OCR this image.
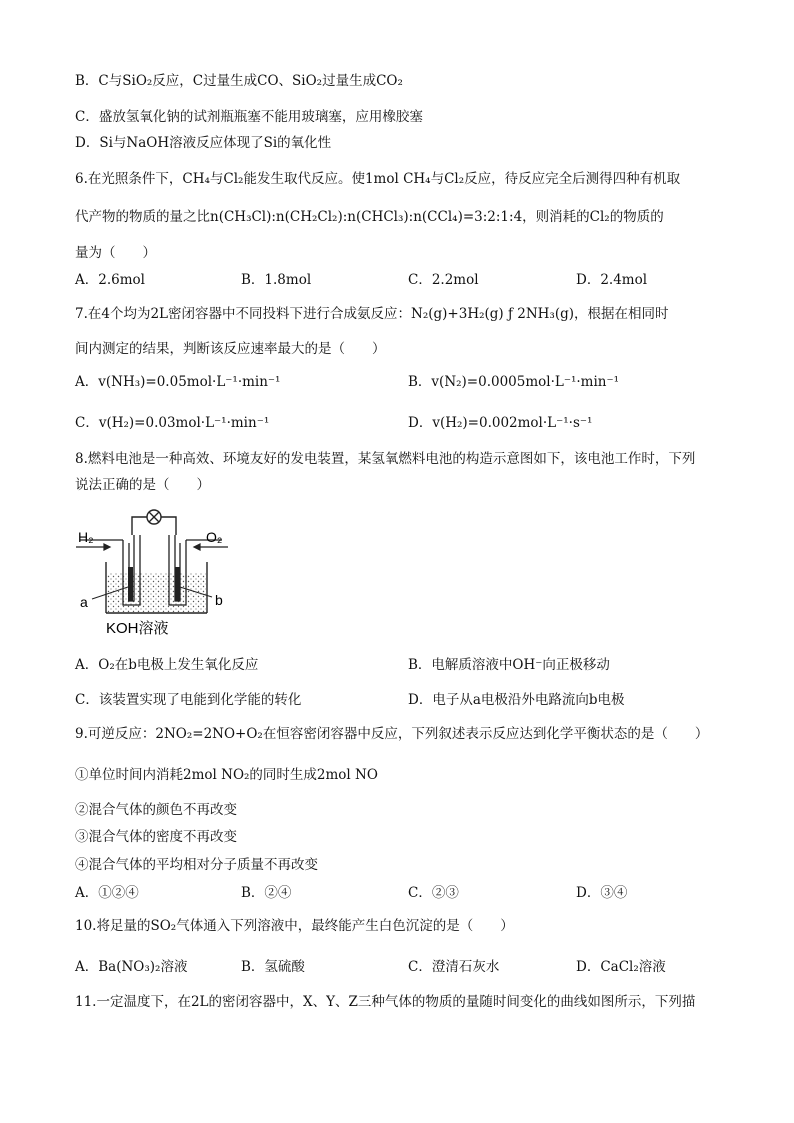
B．C与SiO₂反应，C过量生成CO、SiO₂过量生成CO₂
C．盛放氢氧化钠的试剂瓶瓶塞不能用玻璃塞，应用橡胶塞
D．Si与NaOH溶液反应体现了Si的氧化性
6.在光照条件下，CH₄与Cl₂能发生取代反应。使1mol CH₄与Cl₂反应，待反应完全后测得四种有机取
代产物的物质的量之比n(CH₃Cl):n(CH₂Cl₂):n(CHCl₃):n(CCl₄)=3:2:1:4，则消耗的Cl₂的物质的
量为（　　）
A．2.6mol	B．1.8mol	C．2.2mol	D．2.4mol
7.在4个均为2L密闭容器中不同投料下进行合成氨反应：N₂(g)+3H₂(g) ƒ 2NH₃(g)，根据在相同时
间内测定的结果，判断该反应速率最大的是（　　）
A．v(NH₃)=0.05mol·L⁻¹·min⁻¹	B．v(N₂)=0.0005mol·L⁻¹·min⁻¹
C．v(H₂)=0.03mol·L⁻¹·min⁻¹	D．v(H₂)=0.002mol·L⁻¹·s⁻¹
8.燃料电池是一种高效、环境友好的发电装置，某氢氧燃料电池的构造示意图如下，该电池工作时，下列
说法正确的是（　　）
H₂	O₂
a	b
KOH溶液
A．O₂在b电极上发生氧化反应	B．电解质溶液中OH⁻向正极移动
C．该装置实现了电能到化学能的转化	D．电子从a电极沿外电路流向b电极
9.可逆反应：2NO₂=2NO+O₂在恒容密闭容器中反应，下列叙述表示反应达到化学平衡状态的是（　　）
①单位时间内消耗2mol NO₂的同时生成2mol NO
②混合气体的颜色不再改变
③混合气体的密度不再改变
④混合气体的平均相对分子质量不再改变
A．①②④	B．②④	C．②③	D．③④
10.将足量的SO₂气体通入下列溶液中，最终能产生白色沉淀的是（　　）
A．Ba(NO₃)₂溶液	B．氢硫酸	C．澄清石灰水	D．CaCl₂溶液
11.一定温度下，在2L的密闭容器中，X、Y、Z三种气体的物质的量随时间变化的曲线如图所示，下列描
